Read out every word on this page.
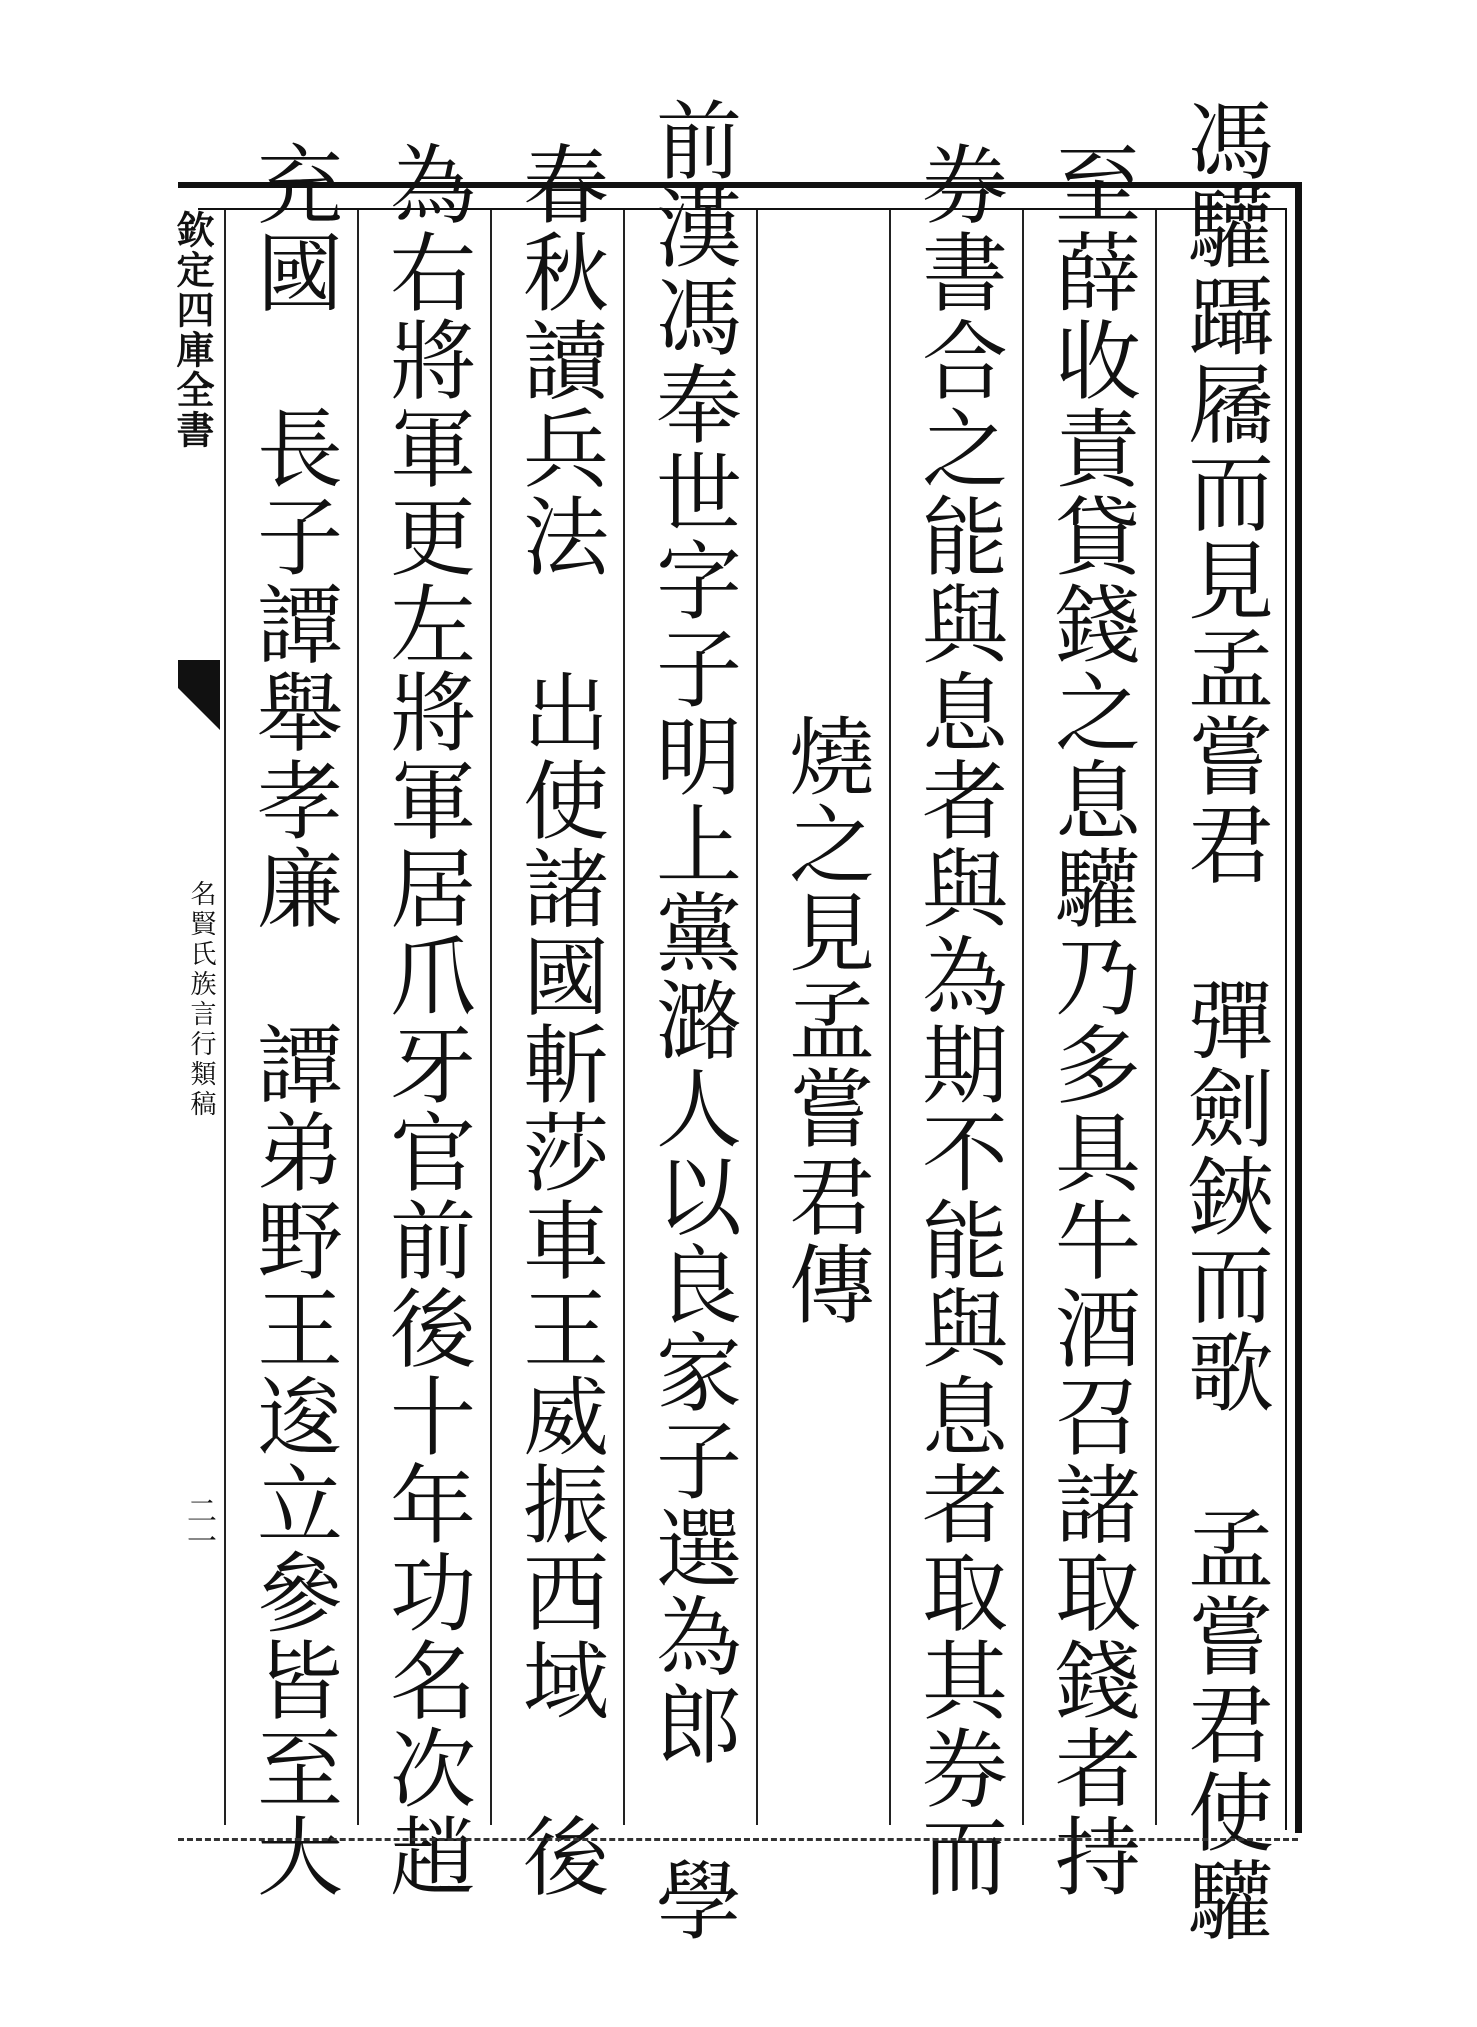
欽定四庫全書
名賢氏族言行類稿
二一	馮驩躡屩而見孟嘗君　彈劍鋏而歌　孟嘗君使驩
至薛收責貸錢之息驩乃多具牛酒召諸取錢者持
券書合之能與息者與為期不能與息者取其券而
燒之見孟嘗君傳
前漢馮奉世字子明上黨潞人以良家子選為郎　學
春秋讀兵法　出使諸國斬莎車王威振西域　後
為右將軍更左將軍居爪牙官前後十年功名次趙
充國　長子譚舉孝廉　譚弟野王逡立參皆至大
